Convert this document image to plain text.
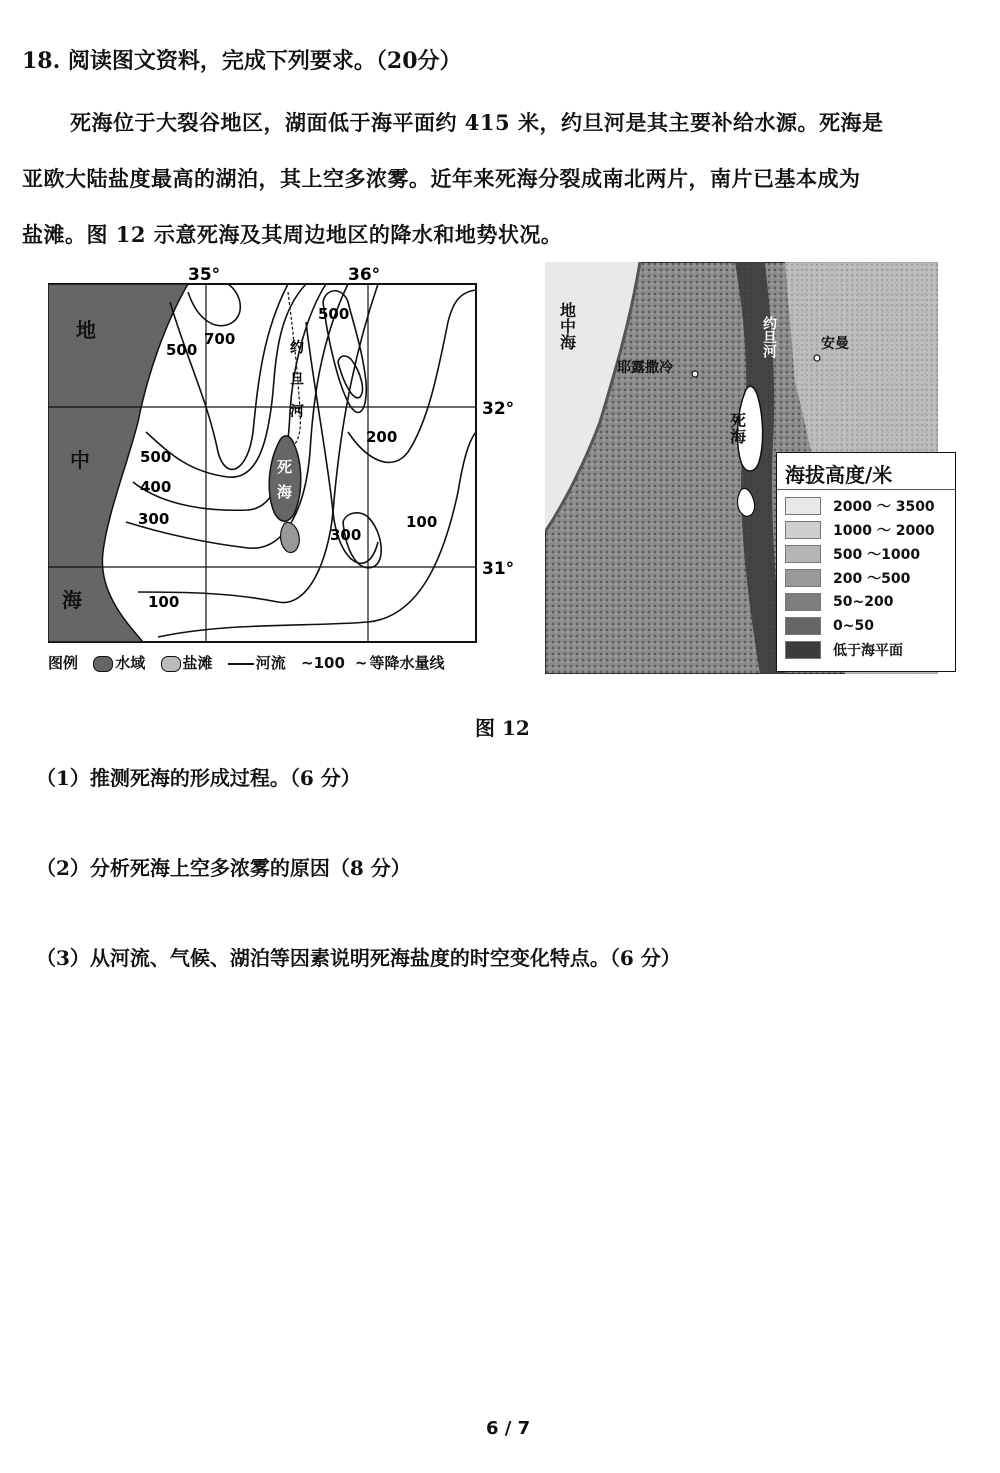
18. 阅读图文资料，完成下列要求。（20分）
死海位于大裂谷地区，湖面低于海平面约 415 米，约旦河是其主要补给水源。死海是
亚欧大陆盐度最高的湖泊，其上空多浓雾。近年来死海分裂成南北两片，南片已基本成为
盐滩。图 12 示意死海及其周边地区的降水和地势状况。
35°	36°
32°
31°
地
中
海
700
500
500
500
400
300
200
300
100
100
约
旦
河
死
海
图例 水域 盐滩	河流 ~100 ~ 等降水量线
地中海
耶露撒冷
安曼
约旦河
死海
海拔高度/米
2000 ～ 3500
1000 ～ 2000
500 ～1000
200 ～500
50~200
0~50
低于海平面
图 12
（1）推测死海的形成过程。（6 分）
（2）分析死海上空多浓雾的原因（8 分）
（3）从河流、气候、湖泊等因素说明死海盐度的时空变化特点。（6 分）
6 / 7
